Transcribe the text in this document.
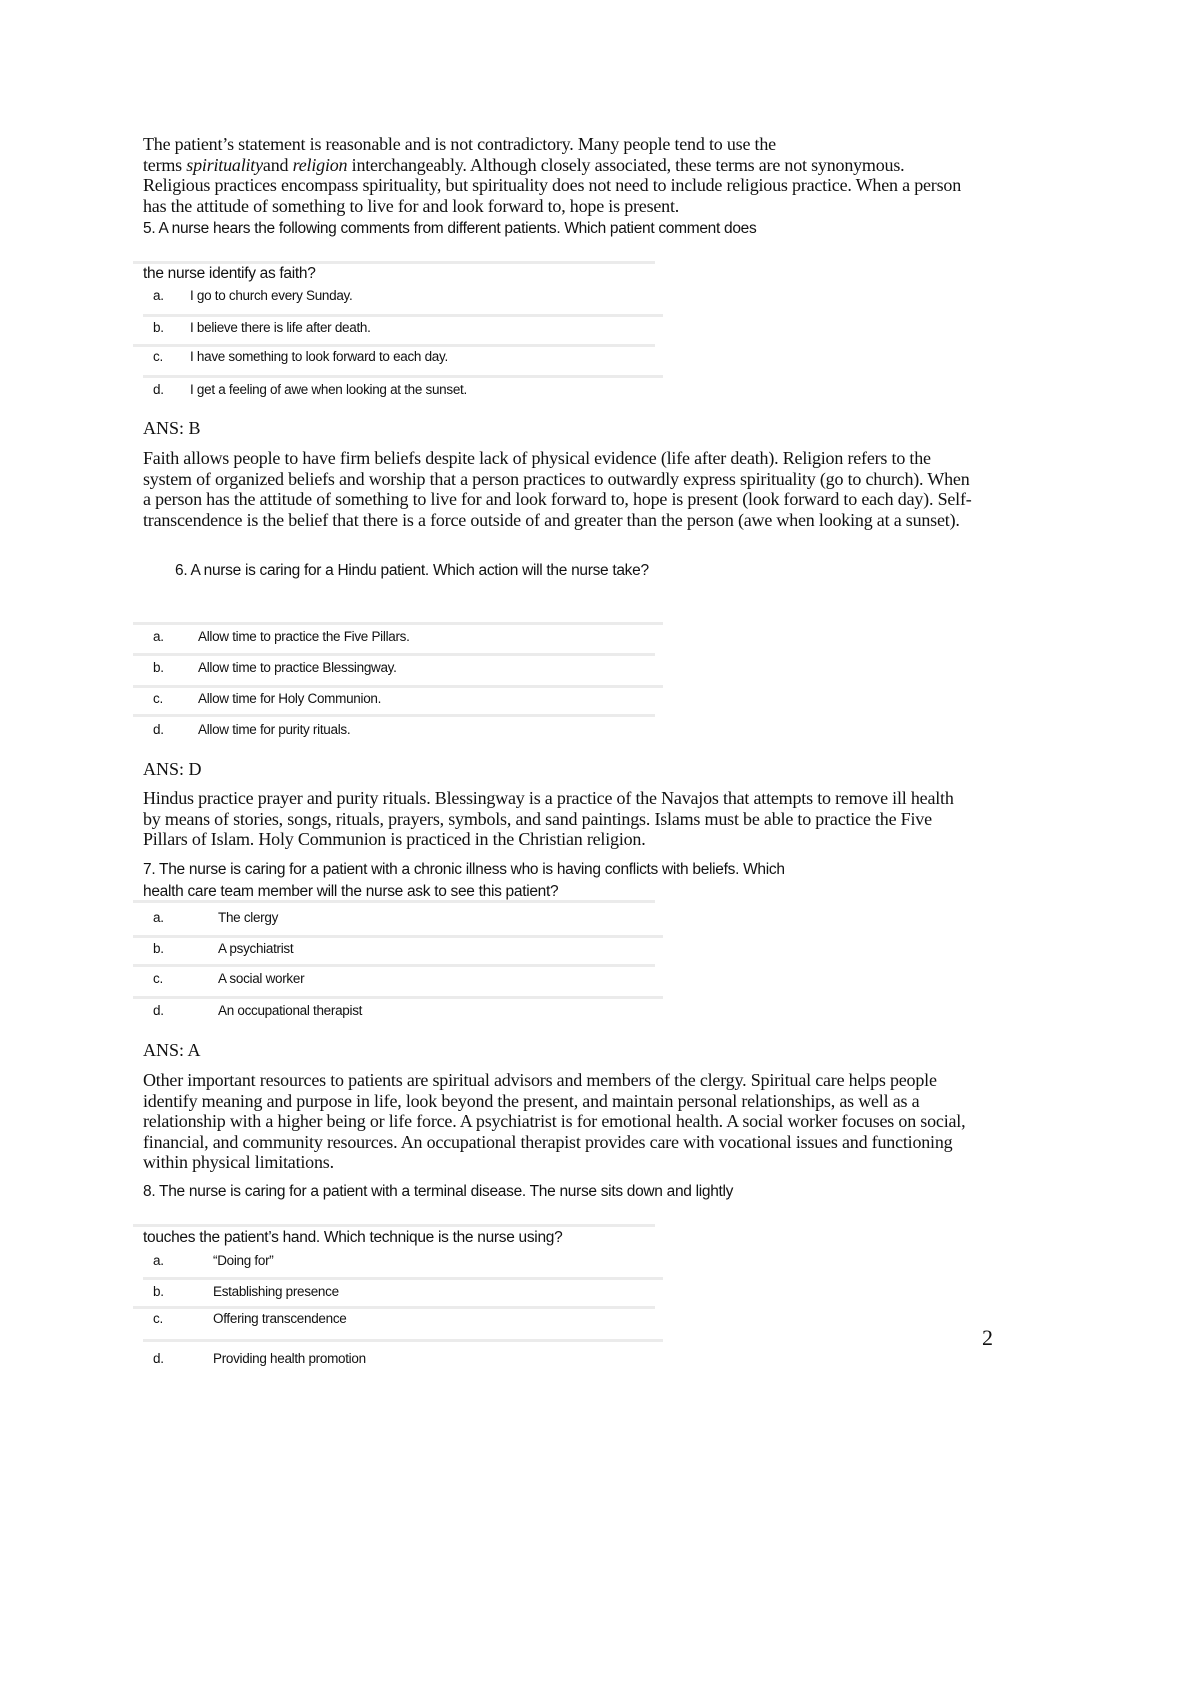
The patient’s statement is reasonable and is not contradictory. Many people tend to use the
terms spiritualityand religion interchangeably. Although closely associated, these terms are not synonymous. Religious practices encompass spirituality, but spirituality does not need to include religious practice. When a person has the attitude of something to live for and look forward to, hope is present.
5. A nurse hears the following comments from different patients. Which patient comment does
the nurse identify as faith?
a. I go to church every Sunday.
b. I believe there is life after death.
c. I have something to look forward to each day.
d. I get a feeling of awe when looking at the sunset.
ANS: B
Faith allows people to have firm beliefs despite lack of physical evidence (life after death). Religion refers to the system of organized beliefs and worship that a person practices to outwardly express spirituality (go to church). When a person has the attitude of something to live for and look forward to, hope is present (look forward to each day). Self-transcendence is the belief that there is a force outside of and greater than the person (awe when looking at a sunset).
6. A nurse is caring for a Hindu patient. Which action will the nurse take?
a.	Allow time to practice the Five Pillars.
b.	Allow time to practice Blessingway.
c.	Allow time for Holy Communion.
d.	Allow time for purity rituals.
ANS: D
Hindus practice prayer and purity rituals. Blessingway is a practice of the Navajos that attempts to remove ill health by means of stories, songs, rituals, prayers, symbols, and sand paintings. Islams must be able to practice the Five Pillars of Islam. Holy Communion is practiced in the Christian religion.
7. The nurse is caring for a patient with a chronic illness who is having conflicts with beliefs. Which
health care team member will the nurse ask to see this patient?
a.	The clergy
b.	A psychiatrist
c.	A social worker
d.	An occupational therapist
ANS: A
Other important resources to patients are spiritual advisors and members of the clergy. Spiritual care helps people identify meaning and purpose in life, look beyond the present, and maintain personal relationships, as well as a relationship with a higher being or life force. A psychiatrist is for emotional health. A social worker focuses on social, financial, and community resources. An occupational therapist provides care with vocational issues and functioning within physical limitations.
8. The nurse is caring for a patient with a terminal disease. The nurse sits down and lightly
touches the patient’s hand. Which technique is the nurse using?
a.	“Doing for”
b.	Establishing presence
c.	Offering transcendence
d.	Providing health promotion
2
